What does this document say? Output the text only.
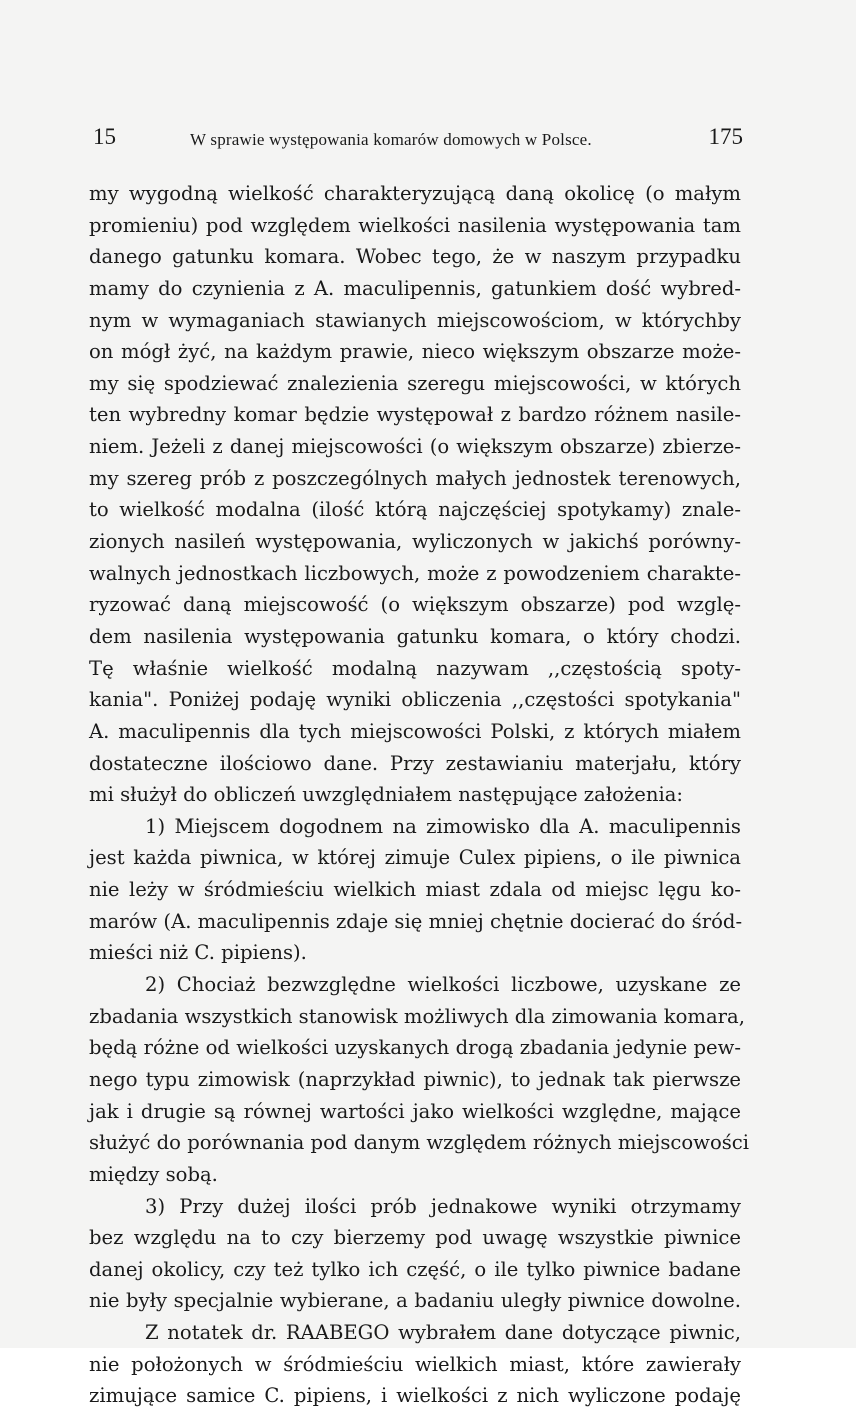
15	W sprawie występowania komarów domowych w Polsce.	175
my wygodną wielkość charakteryzującą daną okolicę (o małym
promieniu) pod względem wielkości nasilenia występowania tam
danego gatunku komara. Wobec tego, że w naszym przypadku
mamy do czynienia z A. maculipennis, gatunkiem dość wybred-
nym w wymaganiach stawianych miejscowościom, w którychby
on mógł żyć, na każdym prawie, nieco większym obszarze może-
my się spodziewać znalezienia szeregu miejscowości, w których
ten wybredny komar będzie występował z bardzo różnem nasile-
niem. Jeżeli z danej miejscowości (o większym obszarze) zbierze-
my szereg prób z poszczególnych małych jednostek terenowych,
to wielkość modalna (ilość którą najczęściej spotykamy) znale-
zionych nasileń występowania, wyliczonych w jakichś porówny-
walnych jednostkach liczbowych, może z powodzeniem charakte-
ryzować daną miejscowość (o większym obszarze) pod wzglę-
dem nasilenia występowania gatunku komara, o który chodzi.
Tę właśnie wielkość modalną nazywam ,,częstością spoty-
kania". Poniżej podaję wyniki obliczenia ,,częstości spotykania"
A. maculipennis dla tych miejscowości Polski, z których miałem
dostateczne ilościowo dane. Przy zestawianiu materjału, który
mi służył do obliczeń uwzględniałem następujące założenia:
1) Miejscem dogodnem na zimowisko dla A. maculipennis
jest każda piwnica, w której zimuje Culex pipiens, o ile piwnica
nie leży w śródmieściu wielkich miast zdala od miejsc lęgu ko-
marów (A. maculipennis zdaje się mniej chętnie docierać do śród-
mieści niż C. pipiens).
2) Chociaż bezwzględne wielkości liczbowe, uzyskane ze
zbadania wszystkich stanowisk możliwych dla zimowania komara,
będą różne od wielkości uzyskanych drogą zbadania jedynie pew-
nego typu zimowisk (naprzykład piwnic), to jednak tak pierwsze
jak i drugie są równej wartości jako wielkości względne, mające
służyć do porównania pod danym względem różnych miejscowości
między sobą.
3) Przy dużej ilości prób jednakowe wyniki otrzymamy
bez względu na to czy bierzemy pod uwagę wszystkie piwnice
danej okolicy, czy też tylko ich część, o ile tylko piwnice badane
nie były specjalnie wybierane, a badaniu uległy piwnice dowolne.
Z notatek dr. RAABEGO wybrałem dane dotyczące piwnic,
nie położonych w śródmieściu wielkich miast, które zawierały
zimujące samice C. pipiens, i wielkości z nich wyliczone podaję
